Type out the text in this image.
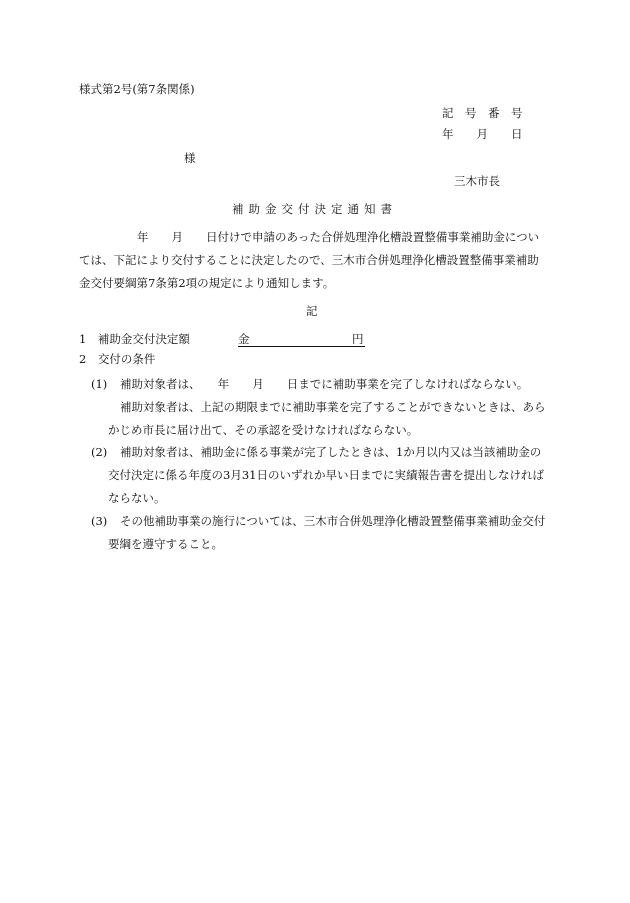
様式第2号(第7条関係)
記　号　番　号
年　　月　　日
様
三木市長
補助金交付決定通知書
年　　月　　日付けで申請のあった合併処理浄化槽設置整備事業補助金につい
ては、下記により交付することに決定したので、三木市合併処理浄化槽設置整備事業補助
金交付要綱第7条第2項の規定により通知します。
記
1　補助金交付決定額	金	円
2　交付の条件
(1) 補助対象者は、　　年　　月　　日までに補助事業を完了しなければならない。
補助対象者は、上記の期限までに補助事業を完了することができないときは、あら
かじめ市長に届け出て、その承認を受けなければならない。
(2) 補助対象者は、補助金に係る事業が完了したときは、1か月以内又は当該補助金の
交付決定に係る年度の3月31日のいずれか早い日までに実績報告書を提出しなければ
ならない。
(3) その他補助事業の施行については、三木市合併処理浄化槽設置整備事業補助金交付
要綱を遵守すること。
